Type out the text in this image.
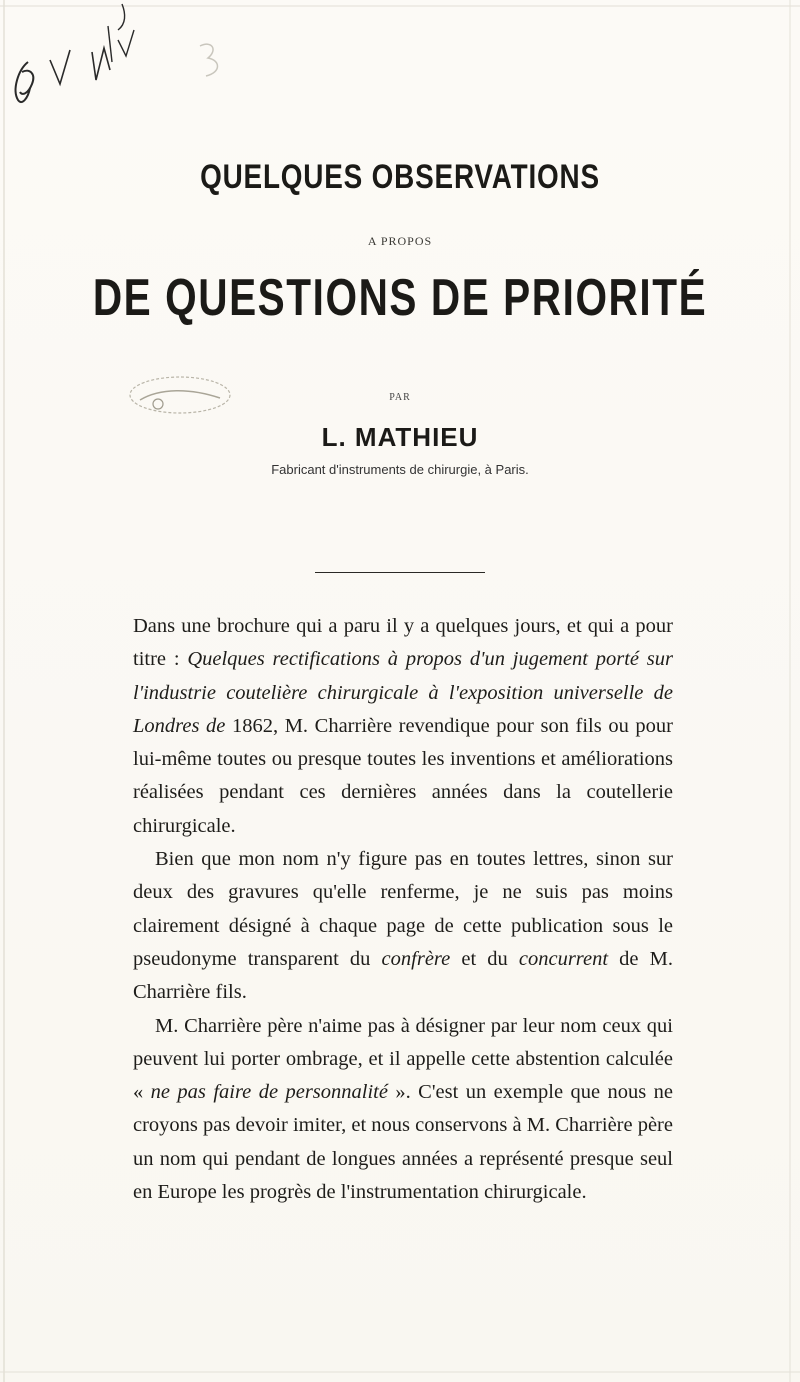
QUELQUES OBSERVATIONS
A PROPOS
DE QUESTIONS DE PRIORITÉ
PAR
L. MATHIEU
Fabricant d'instruments de chirurgie, à Paris.

Dans une brochure qui a paru il y a quelques jours, et qui a pour titre : Quelques rectifications à propos d'un jugement porté sur l'industrie coutelière chirurgicale à l'exposition universelle de Londres de 1862, M. Charrière revendique pour son fils ou pour lui-même toutes ou presque toutes les inventions et améliorations réalisées pendant ces dernières années dans la coutellerie chirurgicale.

Bien que mon nom n'y figure pas en toutes lettres, sinon sur deux des gravures qu'elle renferme, je ne suis pas moins clairement désigné à chaque page de cette publication sous le pseudonyme transparent du confrère et du concurrent de M. Charrière fils.

M. Charrière père n'aime pas à désigner par leur nom ceux qui peuvent lui porter ombrage, et il appelle cette abstention calculée « ne pas faire de personnalité ». C'est un exemple que nous ne croyons pas devoir imiter, et nous conservons à M. Charrière père un nom qui pendant de longues années a représenté presque seul en Europe les progrès de l'instrumentation chirurgicale.
